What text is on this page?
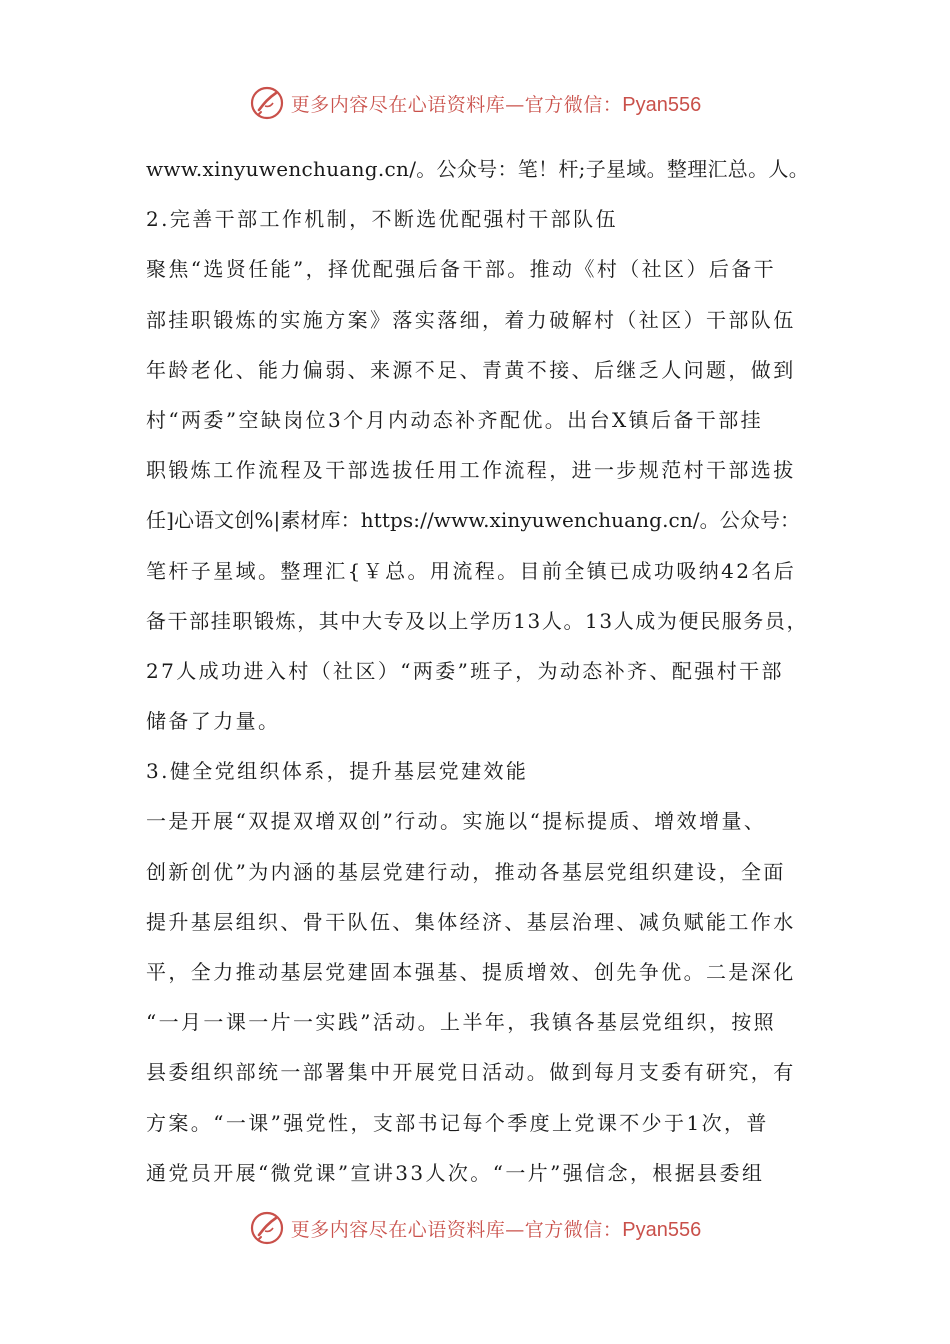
更多内容尽在心语资料库—官方微信：Pyan556
www.xinyuwenchuang.cn/。公众号：笔！杆;子星域。整理汇总。人。
2.完善干部工作机制，不断选优配强村干部队伍
聚焦“选贤任能”，择优配强后备干部。推动《村（社区）后备干
部挂职锻炼的实施方案》落实落细，着力破解村（社区）干部队伍
年龄老化、能力偏弱、来源不足、青黄不接、后继乏人问题，做到
村“两委”空缺岗位3个月内动态补齐配优。出台X镇后备干部挂
职锻炼工作流程及干部选拔任用工作流程，进一步规范村干部选拔
任]心语文创%|素材库：https://www.xinyuwenchuang.cn/。公众号：
笔杆子星域。整理汇{￥总。用流程。目前全镇已成功吸纳42名后
备干部挂职锻炼，其中大专及以上学历13人。13人成为便民服务员，
27人成功进入村（社区）“两委”班子，为动态补齐、配强村干部
储备了力量。
3.健全党组织体系，提升基层党建效能
一是开展“双提双增双创”行动。实施以“提标提质、增效增量、
创新创优”为内涵的基层党建行动，推动各基层党组织建设，全面
提升基层组织、骨干队伍、集体经济、基层治理、减负赋能工作水
平，全力推动基层党建固本强基、提质增效、创先争优。二是深化
“一月一课一片一实践”活动。上半年，我镇各基层党组织，按照
县委组织部统一部署集中开展党日活动。做到每月支委有研究，有
方案。“一课”强党性，支部书记每个季度上党课不少于1次，普
通党员开展“微党课”宣讲33人次。“一片”强信念，根据县委组
更多内容尽在心语资料库—官方微信：Pyan556
